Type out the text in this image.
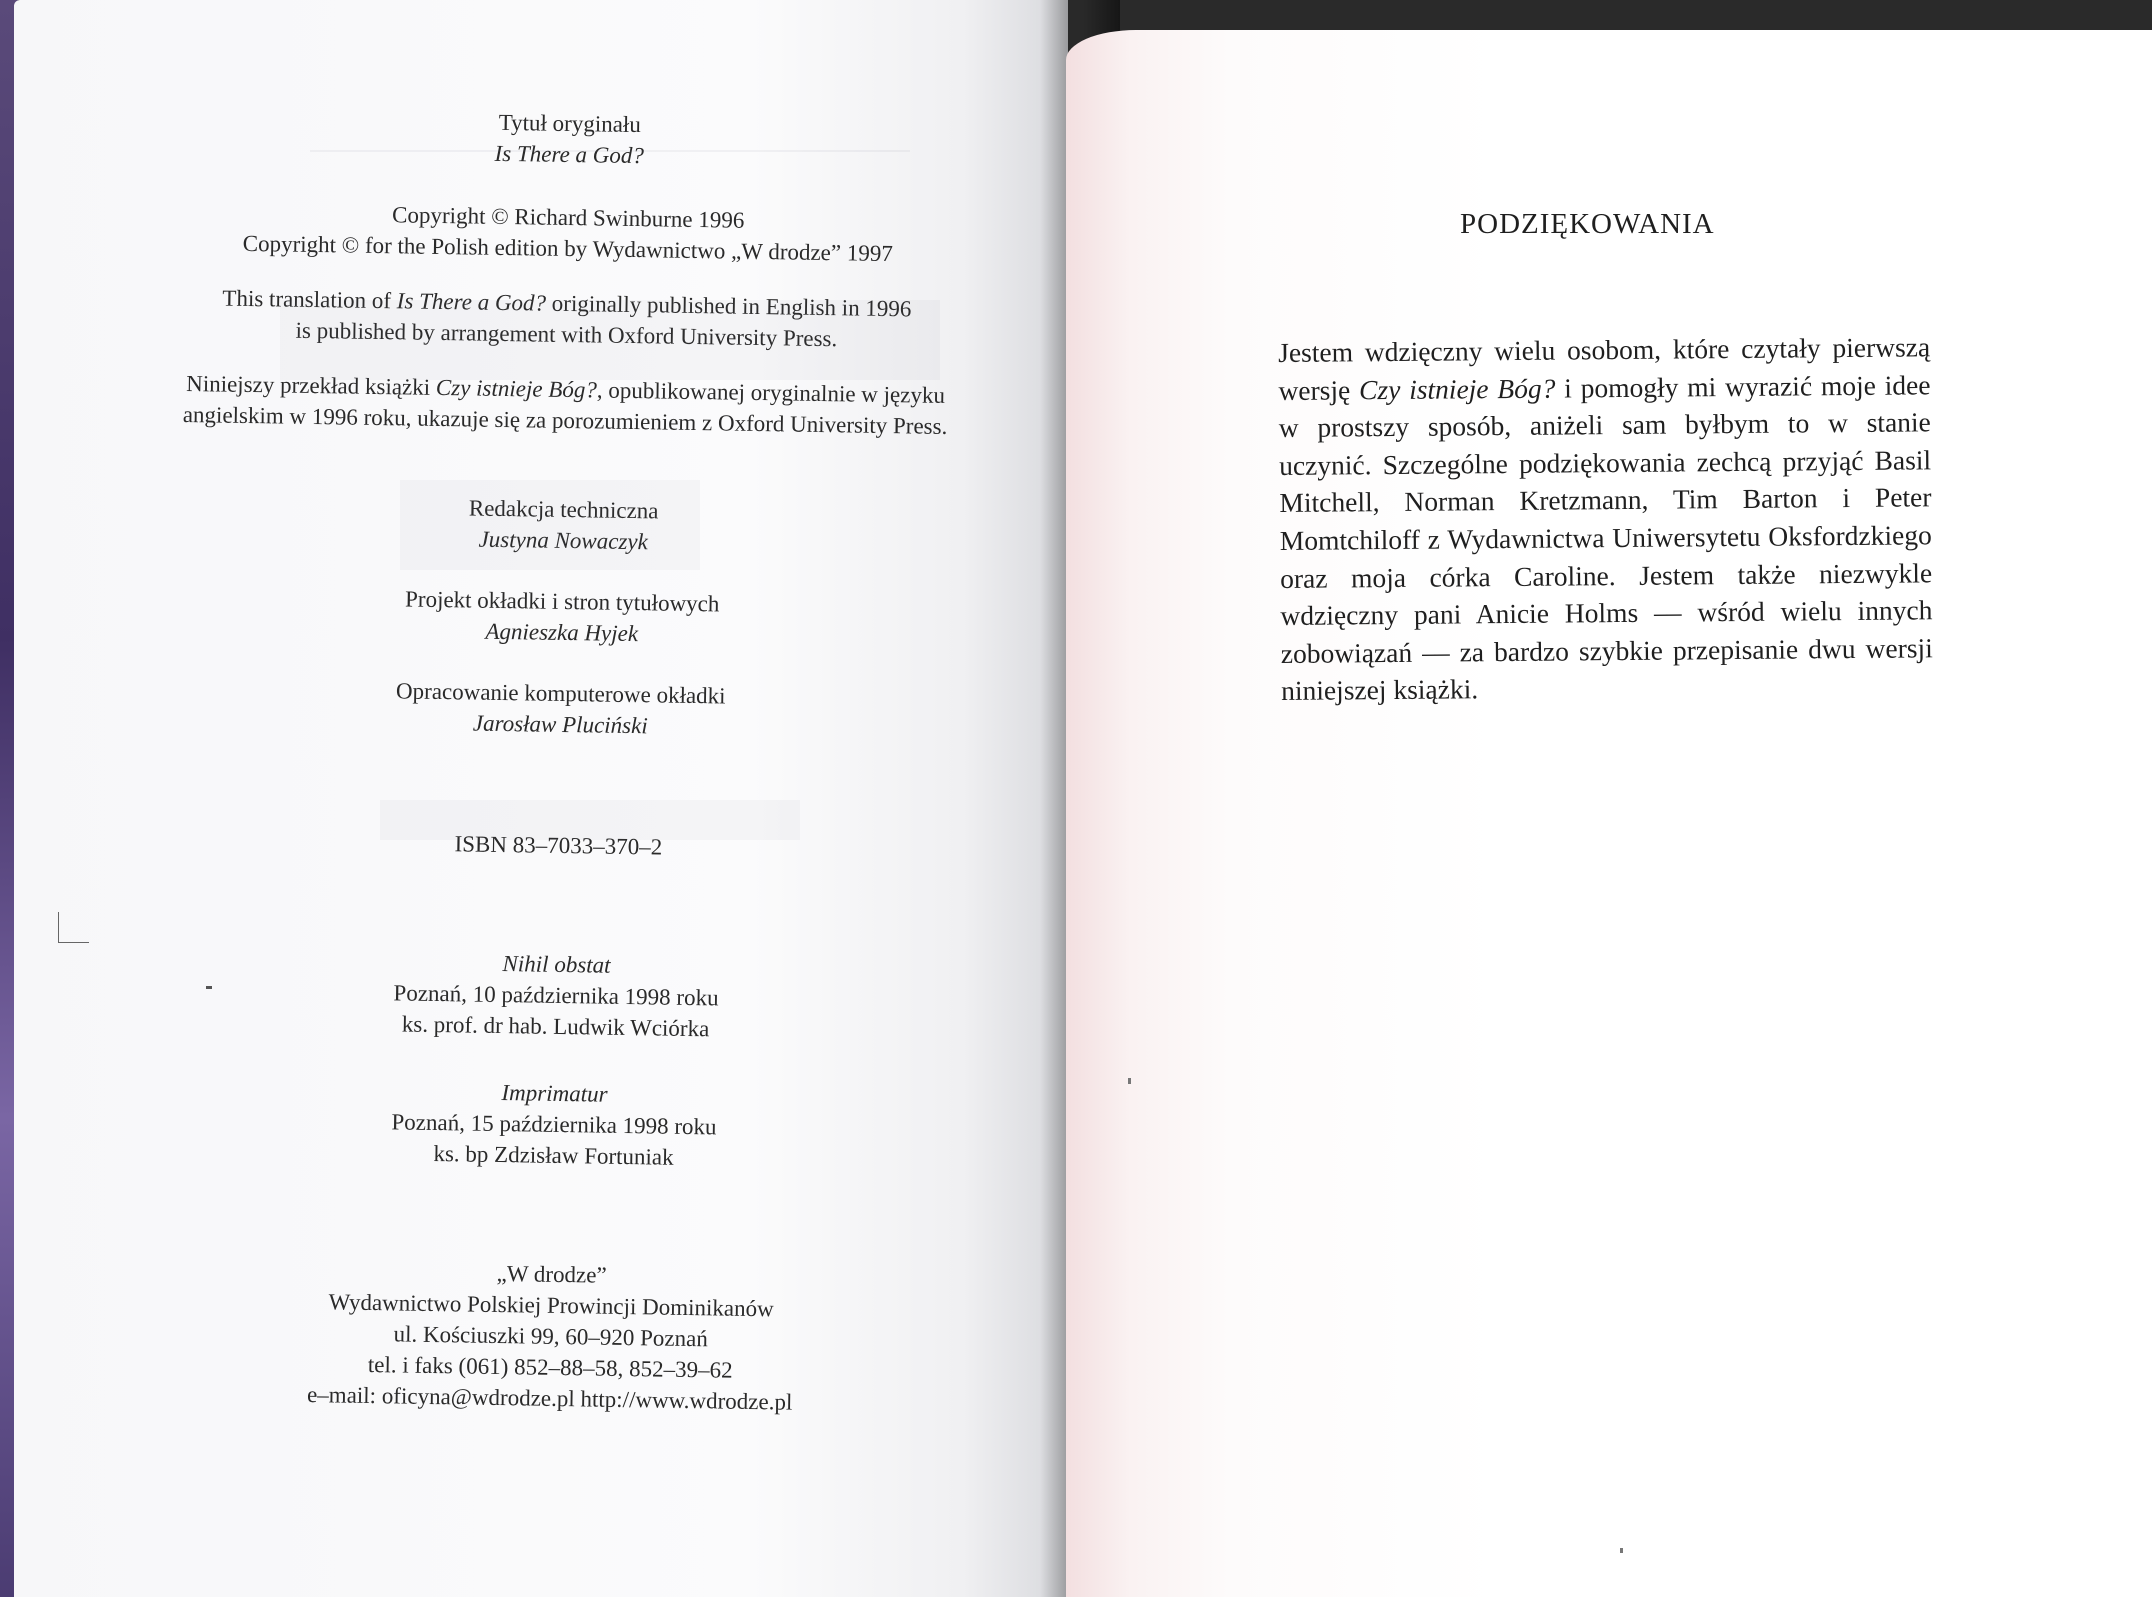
Tytuł oryginału

Is There a God?

Copyright © Richard Swinburne 1996

Copyright © for the Polish edition by Wydawnictwo „W drodze” 1997

This translation of Is There a God? originally published in English in 1996

is published by arrangement with Oxford University Press.

Niniejszy przekład książki Czy istnieje Bóg?, opublikowanej oryginalnie w języku

angielskim w 1996 roku, ukazuje się za porozumieniem z Oxford University Press.

Redakcja techniczna

Justyna Nowaczyk

Projekt okładki i stron tytułowych

Agnieszka Hyjek

Opracowanie komputerowe okładki

Jarosław Pluciński

ISBN 83–7033–370–2

Nihil obstat

Poznań, 10 października 1998 roku

ks. prof. dr hab. Ludwik Wciórka

Imprimatur

Poznań, 15 października 1998 roku

ks. bp Zdzisław Fortuniak

„W drodze”

Wydawnictwo Polskiej Prowincji Dominikanów

ul. Kościuszki 99, 60–920 Poznań

tel. i faks (061) 852–88–58, 852–39–62

e–mail: oficyna@wdrodze.pl http://www.wdrodze.pl

PODZIĘKOWANIA

Jestem wdzięczny wielu osobom, które czytały pierwszą wersję Czy istnieje Bóg? i pomogły mi wyrazić moje idee w prostszy sposób, aniżeli sam byłbym to w stanie uczynić. Szczególne podziękowania zechcą przyjąć Basil Mitchell, Norman Kretzmann, Tim Barton i Peter Momtchiloff z Wydawnictwa Uniwersytetu Oksfordzkiego oraz moja córka Caroline. Jestem także niezwykle wdzięczny pani Anicie Holms — wśród wielu innych zobowiązań — za bardzo szybkie przepisanie dwu wersji niniejszej książki.
